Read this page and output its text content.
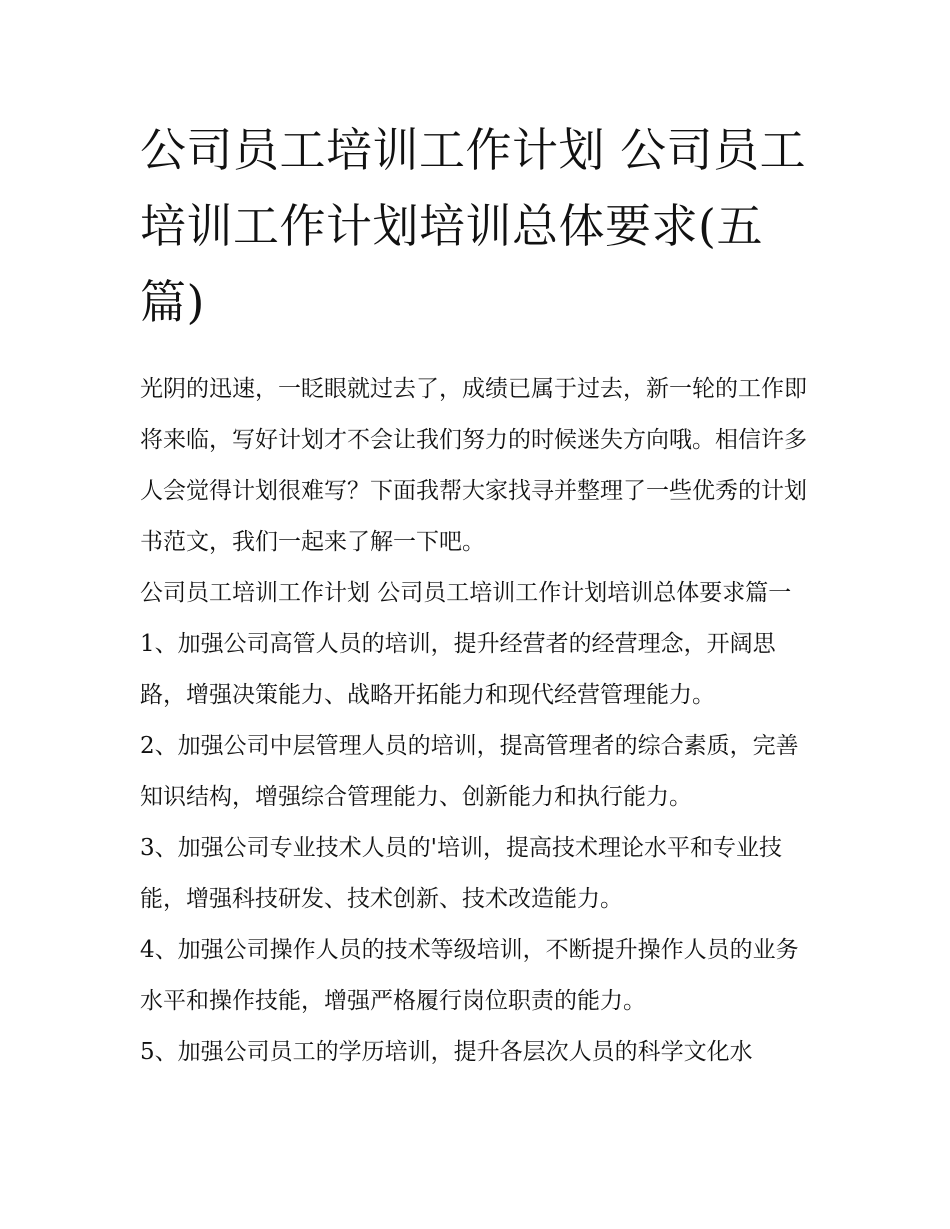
公司员工培训工作计划 公司员工培训工作计划培训总体要求(五篇)

光阴的迅速，一眨眼就过去了，成绩已属于过去，新一轮的工作即将来临，写好计划才不会让我们努力的时候迷失方向哦。相信许多人会觉得计划很难写？下面我帮大家找寻并整理了一些优秀的计划书范文，我们一起来了解一下吧。

公司员工培训工作计划 公司员工培训工作计划培训总体要求篇一

1、加强公司高管人员的培训，提升经营者的经营理念，开阔思路，增强决策能力、战略开拓能力和现代经营管理能力。

2、加强公司中层管理人员的培训，提高管理者的综合素质，完善知识结构，增强综合管理能力、创新能力和执行能力。

3、加强公司专业技术人员的'培训，提高技术理论水平和专业技能，增强科技研发、技术创新、技术改造能力。

4、加强公司操作人员的技术等级培训，不断提升操作人员的业务水平和操作技能，增强严格履行岗位职责的能力。

5、加强公司员工的学历培训，提升各层次人员的科学文化水
